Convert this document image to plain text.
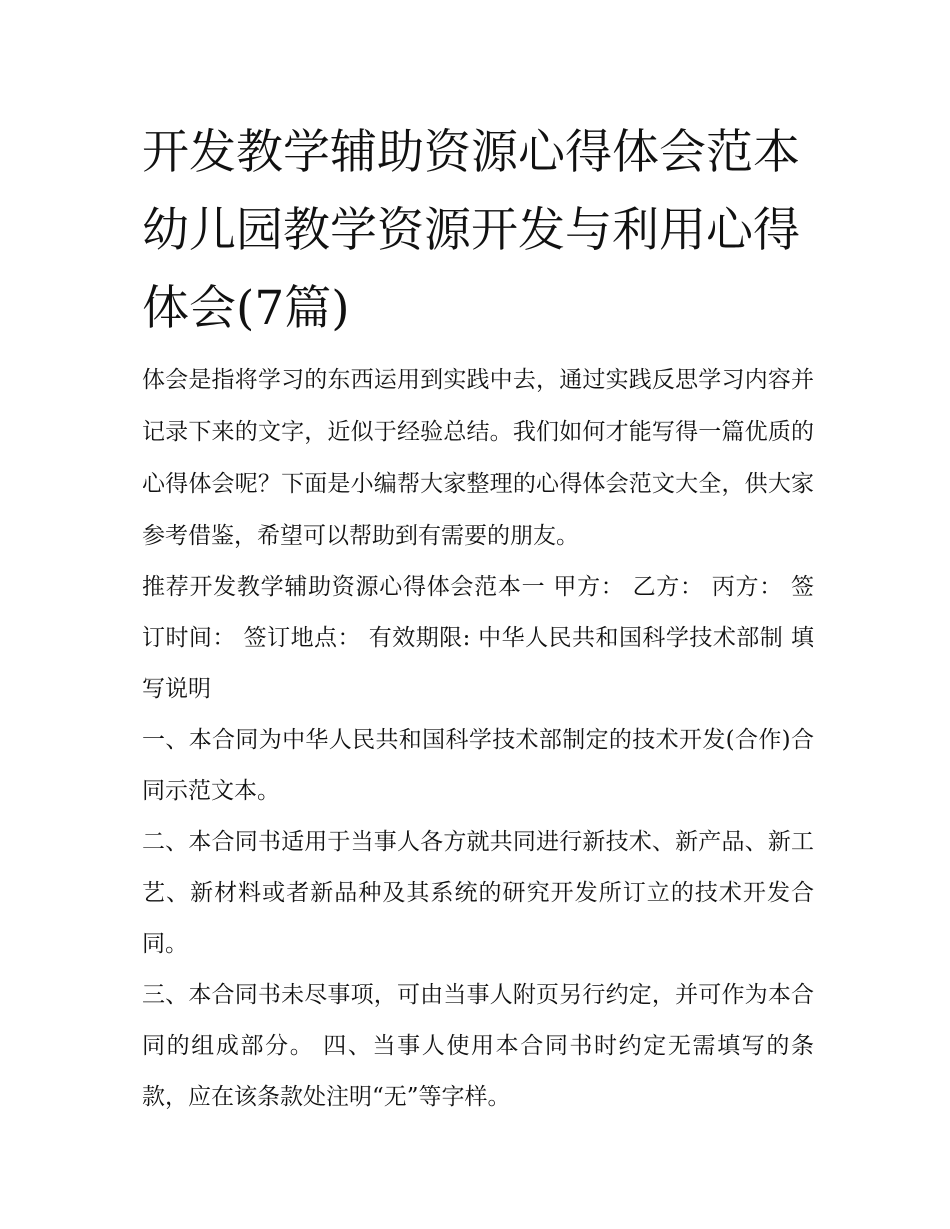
开发教学辅助资源心得体会范本 幼儿园教学资源开发与利用心得体会(7篇)

体会是指将学习的东西运用到实践中去，通过实践反思学习内容并记录下来的文字，近似于经验总结。我们如何才能写得一篇优质的心得体会呢？下面是小编帮大家整理的心得体会范文大全，供大家参考借鉴，希望可以帮助到有需要的朋友。

推荐开发教学辅助资源心得体会范本一 甲方： 乙方： 丙方： 签订时间： 签订地点： 有效期限: 中华人民共和国科学技术部制 填写说明

一、本合同为中华人民共和国科学技术部制定的技术开发(合作)合同示范文本。

二、本合同书适用于当事人各方就共同进行新技术、新产品、新工艺、新材料或者新品种及其系统的研究开发所订立的技术开发合同。

三、本合同书未尽事项，可由当事人附页另行约定，并可作为本合同的组成部分。 四、当事人使用本合同书时约定无需填写的条款，应在该条款处注明“无”等字样。
